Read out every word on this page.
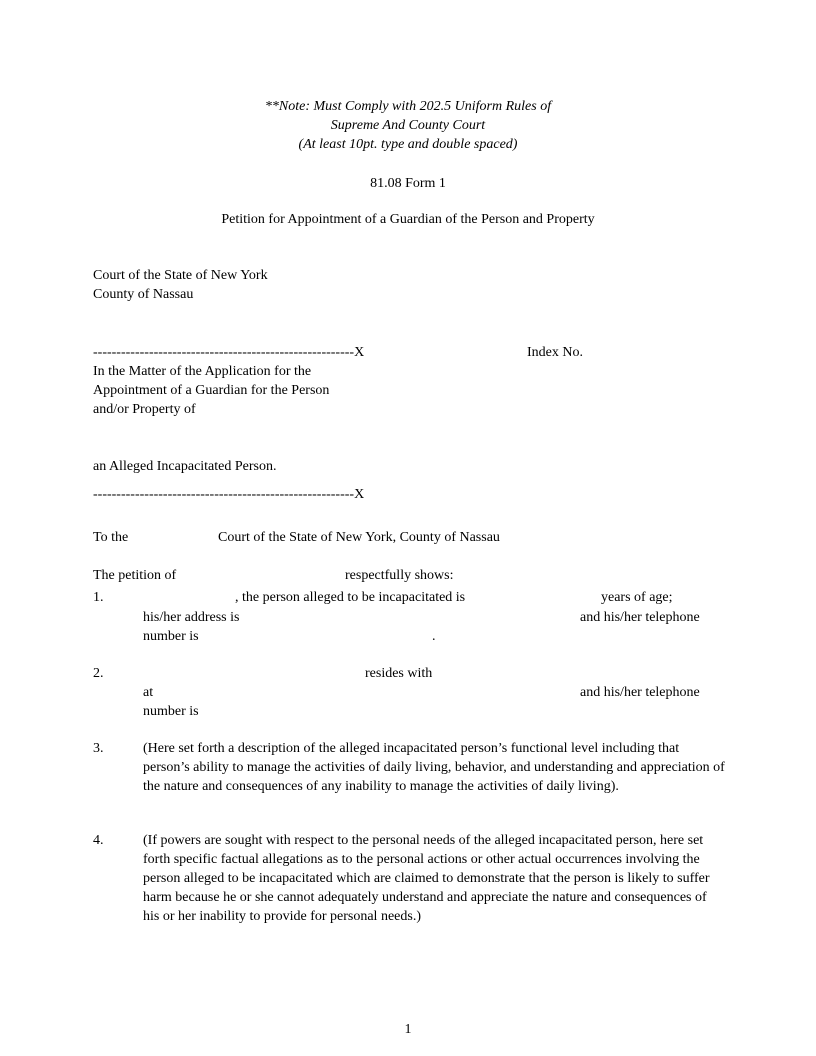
**Note: Must Comply with 202.5 Uniform Rules of
Supreme And County Court
(At least 10pt. type and double spaced)
81.08 Form 1
Petition for Appointment of a Guardian of the Person and Property
Court of the State of New York
County of Nassau
--------------------------------------------------------X	Index No.
In the Matter of the Application for the
Appointment of a Guardian for the Person
and/or Property of
an Alleged Incapacitated Person.
--------------------------------------------------------X
To the	Court of the State of New York, County of Nassau
The petition of	respectfully shows:
1.	, the person alleged to be incapacitated is	years of age;
his/her address is	and his/her telephone
number is	.
2.	resides with
at	and his/her telephone
number is
3.	(Here set forth a description of the alleged incapacitated person’s functional level including that person’s ability to manage the activities of daily living, behavior, and understanding and appreciation of the nature and consequences of any inability to manage the activities of daily living).
4.	(If powers are sought with respect to the personal needs of the alleged incapacitated person, here set forth specific factual allegations as to the personal actions or other actual occurrences involving the person alleged to be incapacitated which are claimed to demonstrate that the person is likely to suffer harm because he or she cannot adequately understand and appreciate the nature and consequences of his or her inability to provide for personal needs.)
1
